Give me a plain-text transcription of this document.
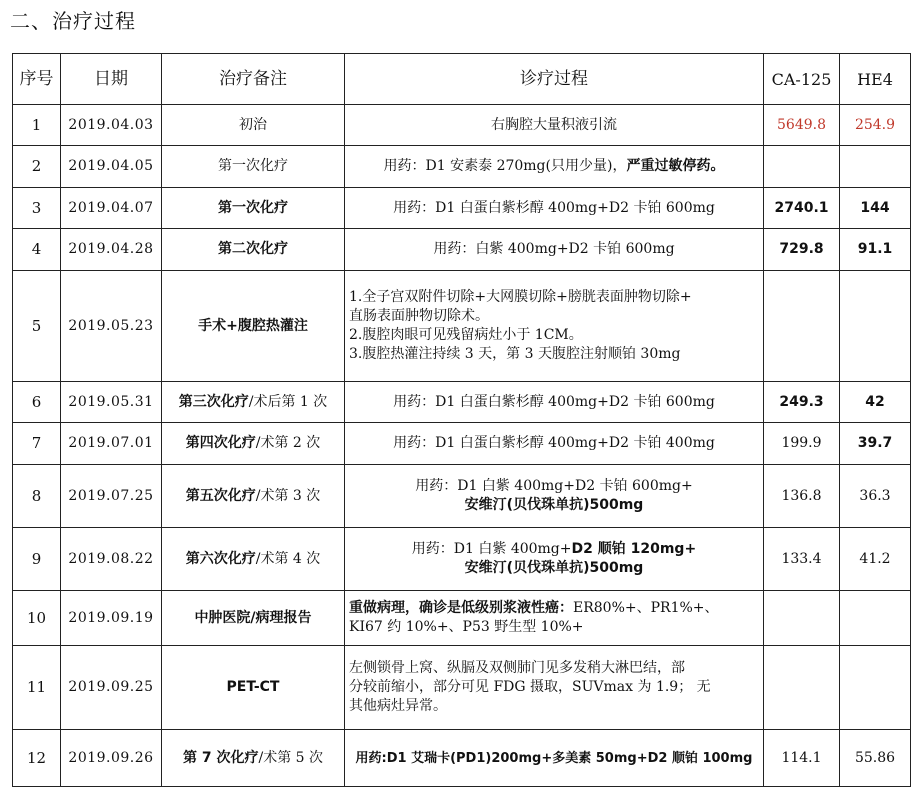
二、治疗过程
序号	日期	治疗备注	诊疗过程	CA-125	HE4
1	2019.04.03	初治	右胸腔大量积液引流	5649.8	254.9
2	2019.04.05	第一次化疗	用药：D1 安素泰 270mg(只用少量)，严重过敏停药。		
3	2019.04.07	第一次化疗	用药：D1 白蛋白紫杉醇 400mg+D2 卡铂 600mg	2740.1	144
4	2019.04.28	第二次化疗	用药：白紫 400mg+D2 卡铂 600mg	729.8	91.1
5	2019.05.23	手术+腹腔热灌注	1.全子宫双附件切除+大网膜切除+膀胱表面肿物切除+
直肠表面肿物切除术。
2.腹腔肉眼可见残留病灶小于 1CM。
3.腹腔热灌注持续 3 天，第 3 天腹腔注射顺铂 30mg		

6	2019.05.31	第三次化疗/术后第 1 次	用药：D1 白蛋白紫杉醇 400mg+D2 卡铂 600mg	249.3	42
7	2019.07.01	第四次化疗/术第 2 次	用药：D1 白蛋白紫杉醇 400mg+D2 卡铂 400mg	199.9	39.7
8	2019.07.25	第五次化疗/术第 3 次	用药：D1 白紫 400mg+D2 卡铂 600mg+
安维汀(贝伐珠单抗)500mg	136.8	36.3
9	2019.08.22	第六次化疗/术第 4 次	用药：D1 白紫 400mg+D2 顺铂 120mg+
安维汀(贝伐珠单抗)500mg	133.4	41.2
10	2019.09.19	中肿医院/病理报告	重做病理，确诊是低级别浆液性癌：ER80%+、PR1%+、
KI67 约 10%+、P53 野生型 10%+		

11	2019.09.25	PET-CT	左侧锁骨上窝、纵膈及双侧肺门见多发稍大淋巴结，部
分较前缩小，部分可见 FDG 摄取，SUVmax 为 1.9； 无
其他病灶异常。		

12	2019.09.26	第 7 次化疗/术第 5 次	用药:D1 艾瑞卡(PD1)200mg+多美素 50mg+D2 顺铂 100mg	114.1	55.86
